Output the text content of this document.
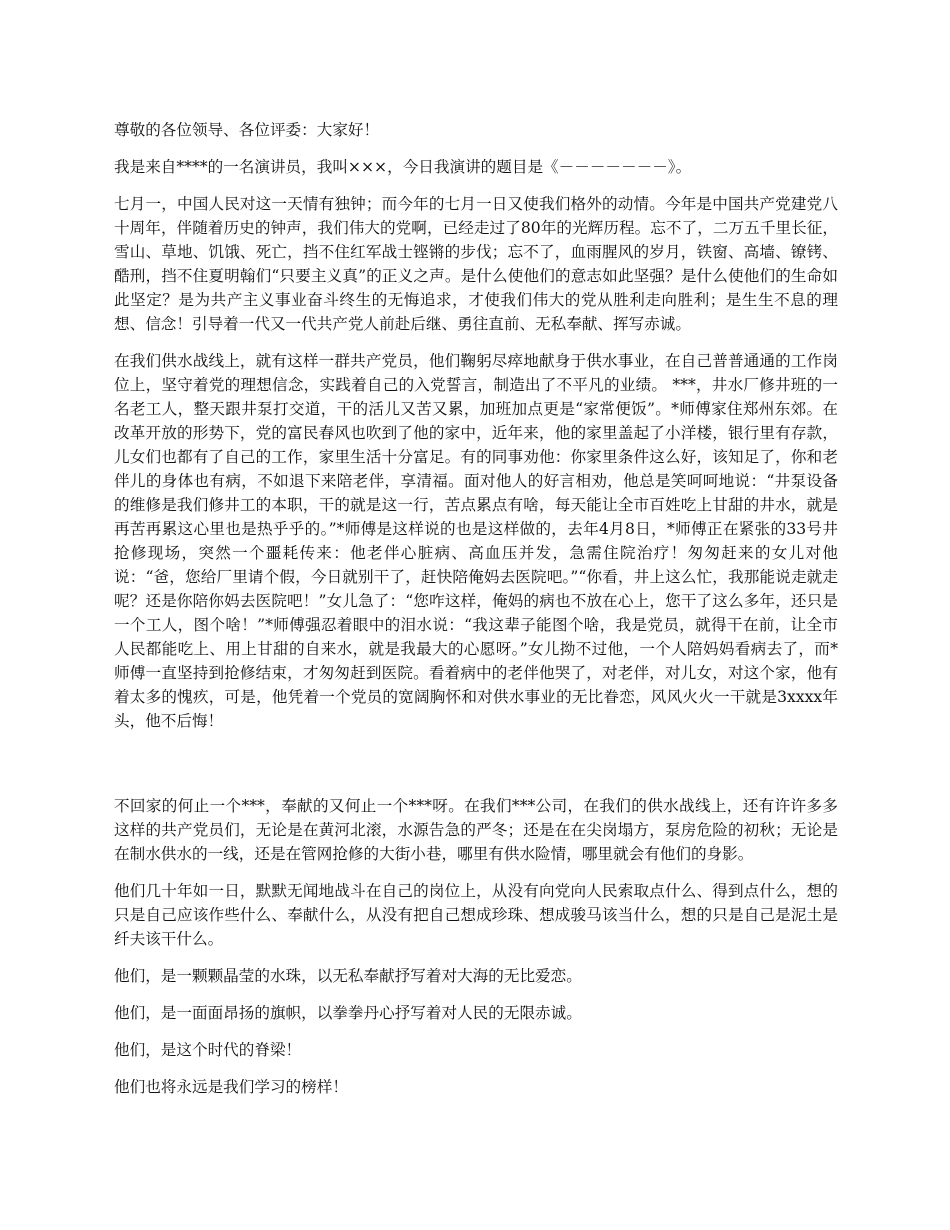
尊敬的各位领导、各位评委：大家好！

我是来自****的一名演讲员，我叫×××，今日我演讲的题目是《－－－－－－－》。

七月一，中国人民对这一天情有独钟；而今年的七月一日又使我们格外的动情。今年是中国共产党建党八十周年，伴随着历史的钟声，我们伟大的党啊，已经走过了80年的光辉历程。忘不了，二万五千里长征，雪山、草地、饥饿、死亡，挡不住红军战士铿锵的步伐；忘不了，血雨腥风的岁月，铁窗、高墙、镣铐、酷刑，挡不住夏明翰们“只要主义真”的正义之声。是什么使他们的意志如此坚强？是什么使他们的生命如此坚定？是为共产主义事业奋斗终生的无悔追求，才使我们伟大的党从胜利走向胜利；是生生不息的理想、信念！引导着一代又一代共产党人前赴后继、勇往直前、无私奉献、挥写赤诚。

在我们供水战线上，就有这样一群共产党员，他们鞠躬尽瘁地献身于供水事业，在自己普普通通的工作岗位上，坚守着党的理想信念，实践着自己的入党誓言，制造出了不平凡的业绩。 ***，井水厂修井班的一名老工人，整天跟井泵打交道，干的活儿又苦又累，加班加点更是“家常便饭”。*师傅家住郑州东郊。在改革开放的形势下，党的富民春风也吹到了他的家中，近年来，他的家里盖起了小洋楼，银行里有存款，儿女们也都有了自己的工作，家里生活十分富足。有的同事劝他：你家里条件这么好，该知足了，你和老伴儿的身体也有病，不如退下来陪老伴，享清福。面对他人的好言相劝，他总是笑呵呵地说：“井泵设备的维修是我们修井工的本职，干的就是这一行，苦点累点有啥，每天能让全市百姓吃上甘甜的井水，就是再苦再累这心里也是热乎乎的。”*师傅是这样说的也是这样做的，去年4月8日，*师傅正在紧张的33号井抢修现场，突然一个噩耗传来：他老伴心脏病、高血压并发，急需住院治疗！匆匆赶来的女儿对他说：“爸，您给厂里请个假，今日就别干了，赶快陪俺妈去医院吧。”“你看，井上这么忙，我那能说走就走呢？还是你陪你妈去医院吧！”女儿急了：“您咋这样，俺妈的病也不放在心上，您干了这么多年，还只是一个工人，图个啥！”*师傅强忍着眼中的泪水说：“我这辈子能图个啥，我是党员，就得干在前，让全市人民都能吃上、用上甘甜的自来水，就是我最大的心愿呀。”女儿拗不过他，一个人陪妈妈看病去了，而*师傅一直坚持到抢修结束，才匆匆赶到医院。看着病中的老伴他哭了，对老伴，对儿女，对这个家，他有着太多的愧疚，可是，他凭着一个党员的宽阔胸怀和对供水事业的无比眷恋，风风火火一干就是3xxxx年头，他不后悔！

不回家的何止一个***，奉献的又何止一个***呀。在我们***公司，在我们的供水战线上，还有许许多多这样的共产党员们，无论是在黄河北滚，水源告急的严冬；还是在在尖岗塌方，泵房危险的初秋；无论是在制水供水的一线，还是在管网抢修的大街小巷，哪里有供水险情，哪里就会有他们的身影。

他们几十年如一日，默默无闻地战斗在自己的岗位上，从没有向党向人民索取点什么、得到点什么，想的只是自己应该作些什么、奉献什么，从没有把自己想成珍珠、想成骏马该当什么，想的只是自己是泥土是纤夫该干什么。

他们，是一颗颗晶莹的水珠，以无私奉献抒写着对大海的无比爱恋。

他们，是一面面昂扬的旗帜，以拳拳丹心抒写着对人民的无限赤诚。

他们，是这个时代的脊梁！

他们也将永远是我们学习的榜样！
